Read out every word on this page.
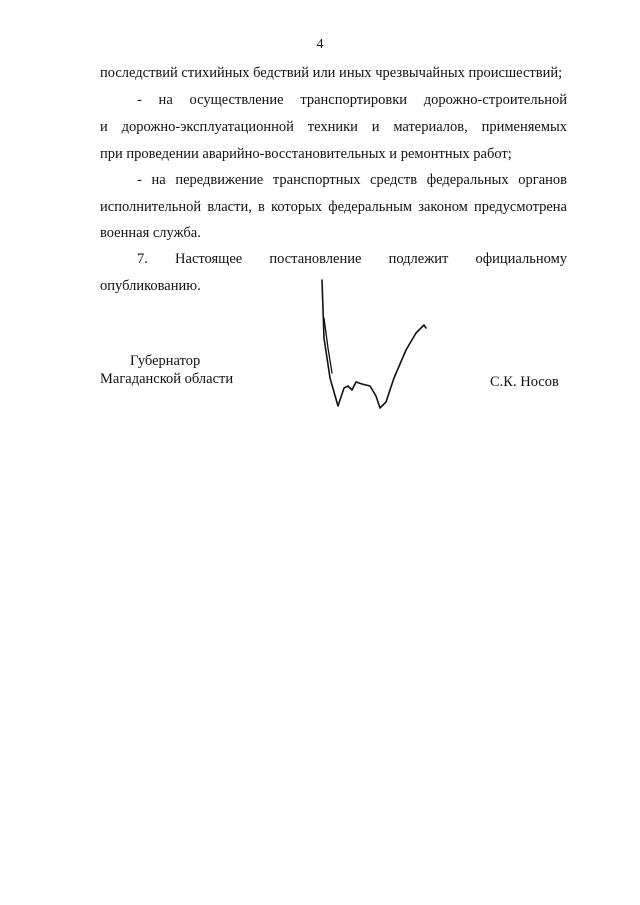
4
последствий стихийных бедствий или иных чрезвычайных происшествий;
- на осуществление транспортировки дорожно-строительной
и дорожно-эксплуатационной техники и материалов, применяемых
при проведении аварийно-восстановительных и ремонтных работ;
- на передвижение транспортных средств федеральных органов
исполнительной власти, в которых федеральным законом предусмотрена
военная служба.
7. Настоящее постановление подлежит официальному
опубликованию.
Губернатор
Магаданской области	С.К. Носов
